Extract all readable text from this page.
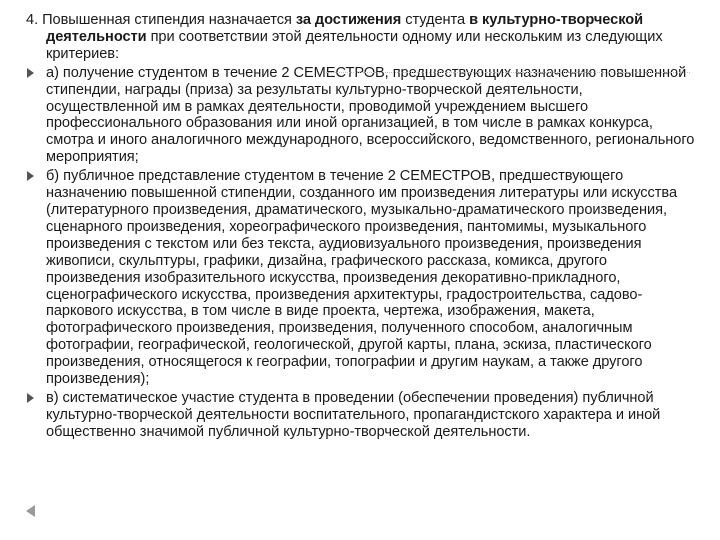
4. Повышенная стипендия назначается за достижения студента в культурно-творческой деятельности при соответствии этой деятельности одному или нескольким из следующих критериев:

а) получение студентом в течение 2 СЕМЕСТРОВ, предшествующих назначению повышенной стипендии, награды (приза) за результаты культурно-творческой деятельности, осуществленной им в рамках деятельности, проводимой учреждением высшего профессионального образования или иной организацией, в том числе в рамках конкурса, смотра и иного аналогичного международного, всероссийского, ведомственного, регионального мероприятия;
б) публичное представление студентом в течение 2 СЕМЕСТРОВ, предшествующего назначению повышенной стипендии, созданного им произведения литературы или искусства (литературного произведения, драматического, музыкально-драматического произведения, сценарного произведения, хореографического произведения, пантомимы, музыкального произведения с текстом или без текста, аудиовизуального произведения, произведения живописи, скульптуры, графики, дизайна, графического рассказа, комикса, другого произведения изобразительного искусства, произведения декоративно-прикладного, сценографического искусства, произведения архитектуры, градостроительства, садово-паркового искусства, в том числе в виде проекта, чертежа, изображения, макета, фотографического произведения, произведения, полученного способом, аналогичным фотографии, географической, геологической, другой карты, плана, эскиза, пластического произведения, относящегося к географии, топографии и другим наукам, а также другого произведения);
в) систематическое участие студента в проведении (обеспечении проведения) публичной культурно-творческой деятельности воспитательного, пропагандистского характера и иной общественно значимой публичной культурно-творческой деятельности.
